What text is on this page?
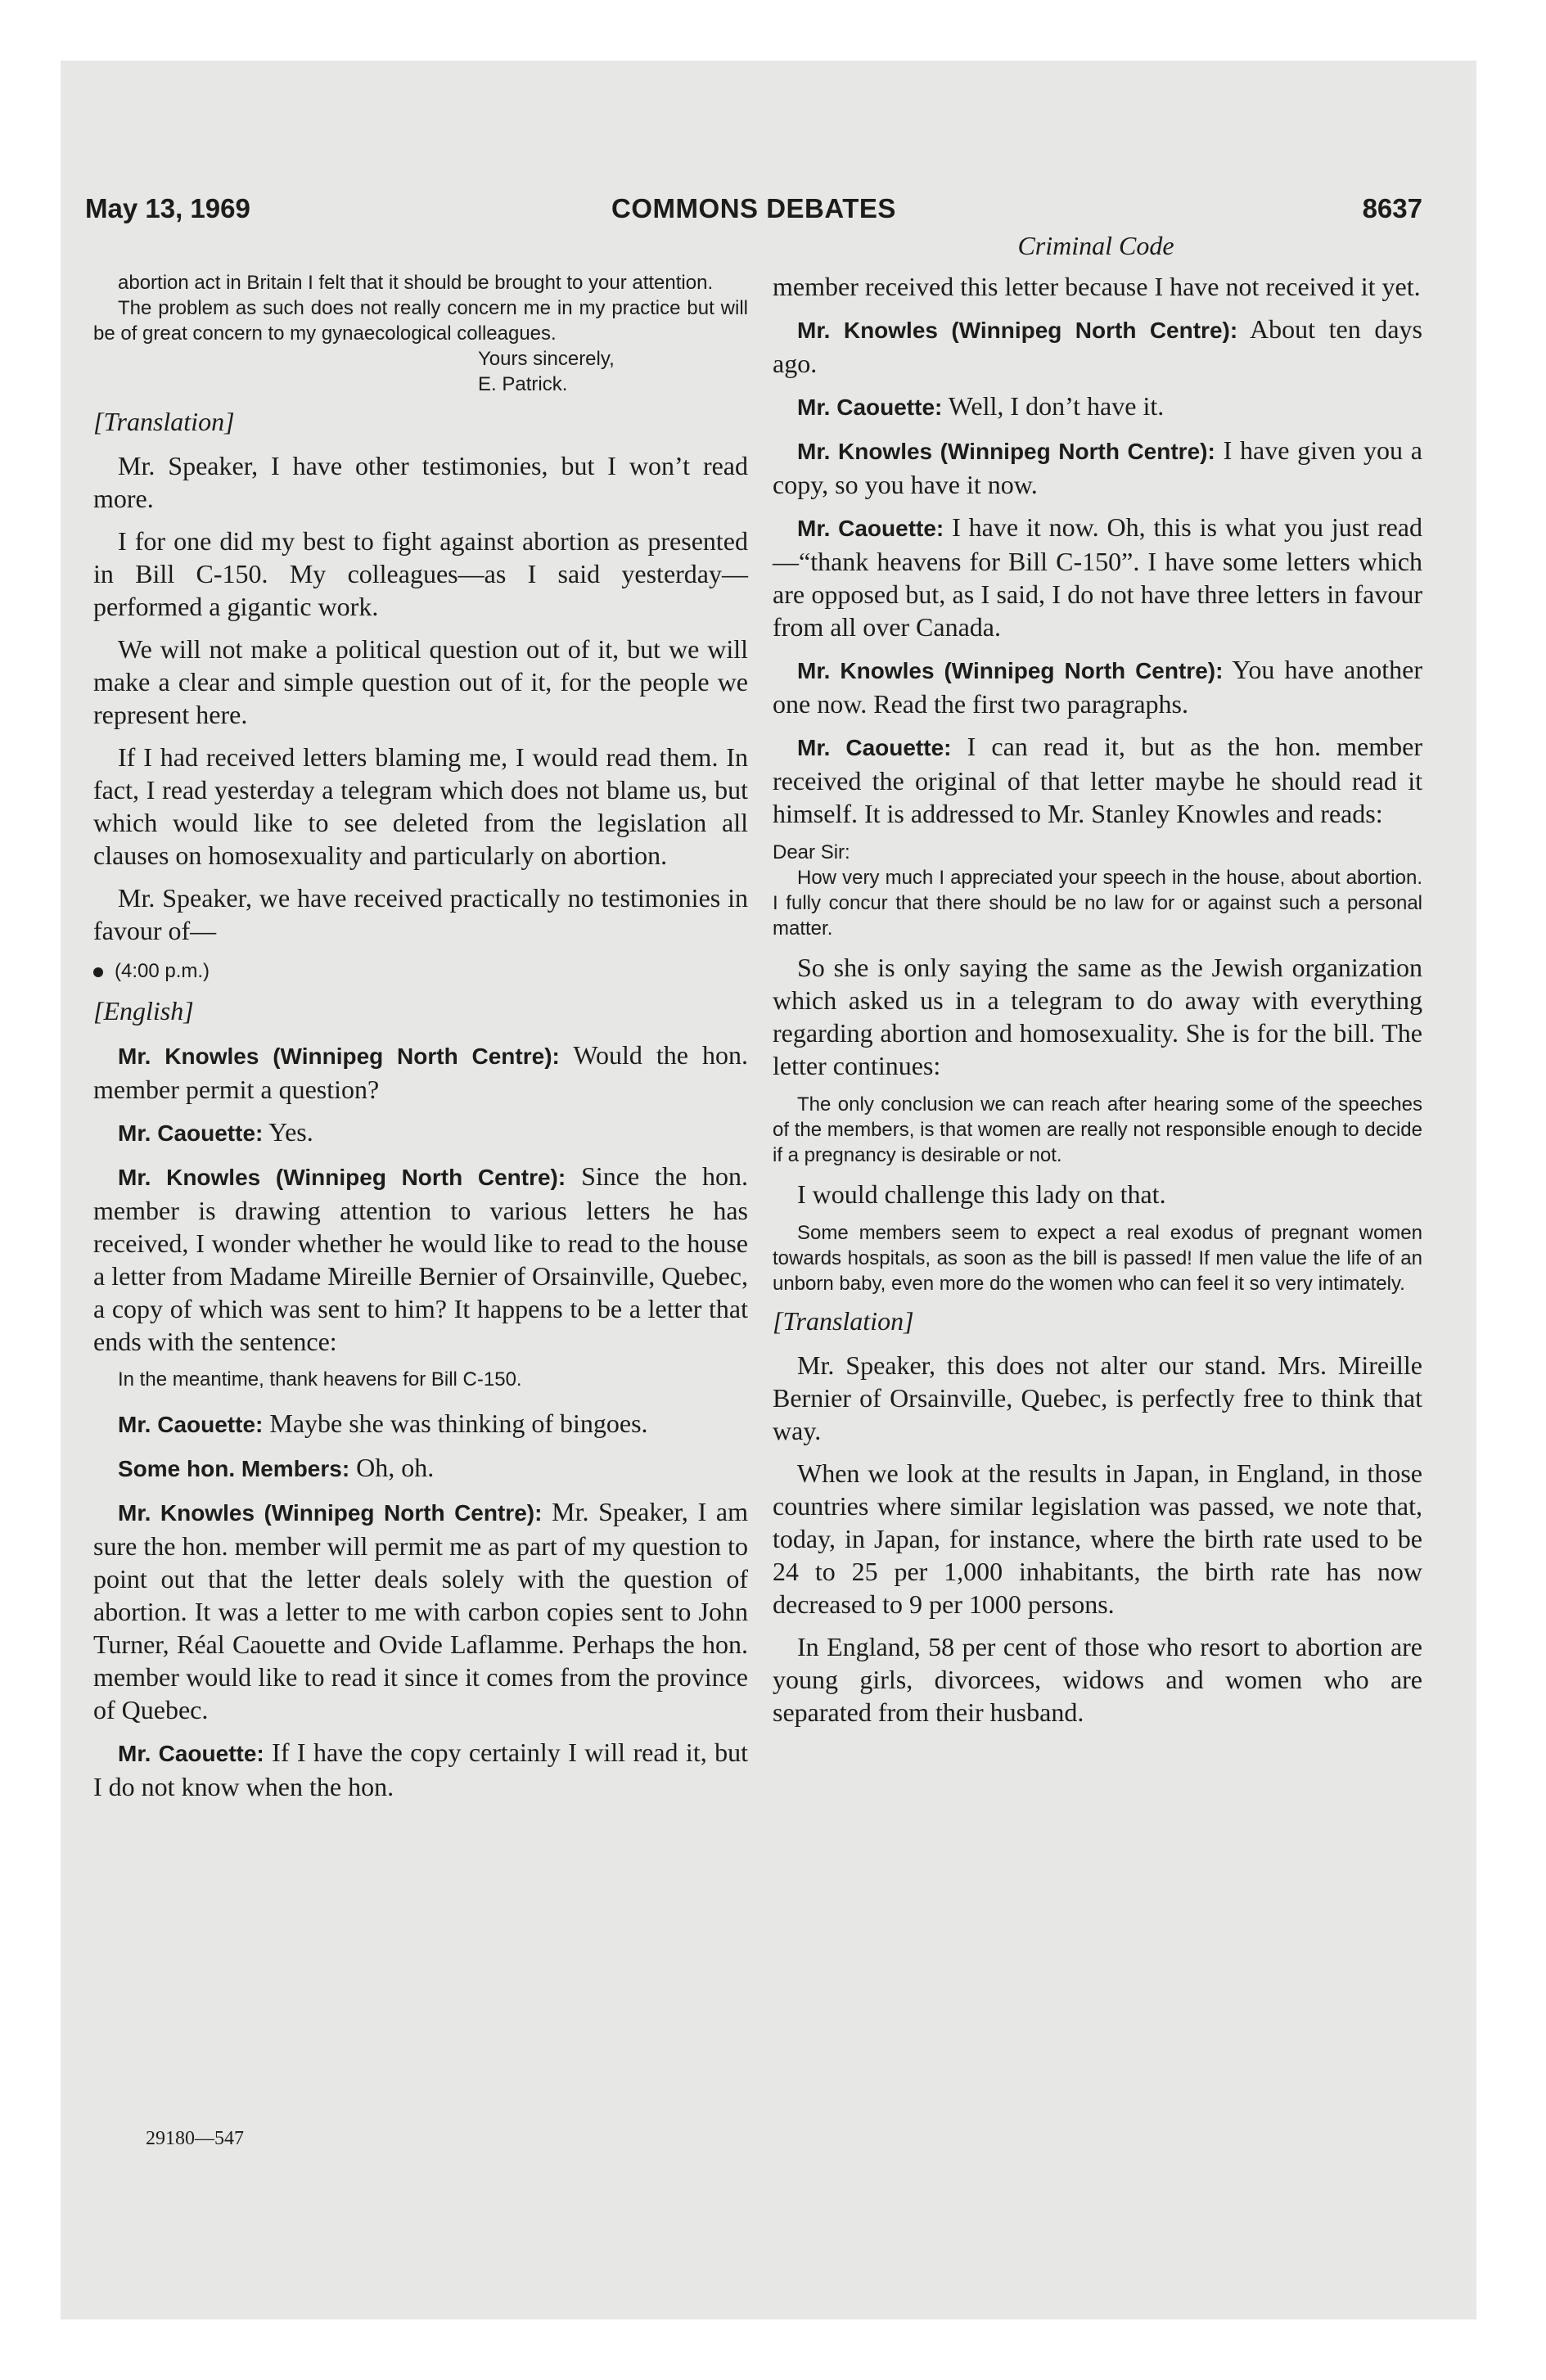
May 13, 1969	COMMONS DEBATES	8637
Criminal Code

abortion act in Britain I felt that it should be brought to your attention.

The problem as such does not really concern me in my practice but will be of great concern to my gynaecological colleagues.

Yours sincerely,

E. Patrick.

[Translation]

Mr. Speaker, I have other testimonies, but I won’t read more.

I for one did my best to fight against abortion as presented in Bill C-150. My colleagues—as I said yesterday—performed a gigantic work.

We will not make a political question out of it, but we will make a clear and simple question out of it, for the people we represent here.

If I had received letters blaming me, I would read them. In fact, I read yesterday a telegram which does not blame us, but which would like to see deleted from the legislation all clauses on homosexuality and particularly on abortion.

Mr. Speaker, we have received practically no testimonies in favour of—

(4:00 p.m.)

[English]

Mr. Knowles (Winnipeg North Centre): Would the hon. member permit a question?

Mr. Caouette: Yes.

Mr. Knowles (Winnipeg North Centre): Since the hon. member is drawing attention to various letters he has received, I wonder whether he would like to read to the house a letter from Madame Mireille Bernier of Orsainville, Quebec, a copy of which was sent to him? It happens to be a letter that ends with the sentence:

In the meantime, thank heavens for Bill C-150.

Mr. Caouette: Maybe she was thinking of bingoes.

Some hon. Members: Oh, oh.

Mr. Knowles (Winnipeg North Centre): Mr. Speaker, I am sure the hon. member will permit me as part of my question to point out that the letter deals solely with the question of abortion. It was a letter to me with carbon copies sent to John Turner, Réal Caouette and Ovide Laflamme. Perhaps the hon. member would like to read it since it comes from the province of Quebec.

Mr. Caouette: If I have the copy certainly I will read it, but I do not know when the hon.

29180—547

member received this letter because I have not received it yet.

Mr. Knowles (Winnipeg North Centre): About ten days ago.

Mr. Caouette: Well, I don’t have it.

Mr. Knowles (Winnipeg North Centre): I have given you a copy, so you have it now.

Mr. Caouette: I have it now. Oh, this is what you just read—“thank heavens for Bill C-150”. I have some letters which are opposed but, as I said, I do not have three letters in favour from all over Canada.

Mr. Knowles (Winnipeg North Centre): You have another one now. Read the first two paragraphs.

Mr. Caouette: I can read it, but as the hon. member received the original of that letter maybe he should read it himself. It is addressed to Mr. Stanley Knowles and reads:

Dear Sir:

How very much I appreciated your speech in the house, about abortion. I fully concur that there should be no law for or against such a personal matter.

So she is only saying the same as the Jewish organization which asked us in a telegram to do away with everything regarding abortion and homosexuality. She is for the bill. The letter continues:

The only conclusion we can reach after hearing some of the speeches of the members, is that women are really not responsible enough to decide if a pregnancy is desirable or not.

I would challenge this lady on that.

Some members seem to expect a real exodus of pregnant women towards hospitals, as soon as the bill is passed! If men value the life of an unborn baby, even more do the women who can feel it so very intimately.

[Translation]

Mr. Speaker, this does not alter our stand. Mrs. Mireille Bernier of Orsainville, Quebec, is perfectly free to think that way.

When we look at the results in Japan, in England, in those countries where similar legislation was passed, we note that, today, in Japan, for instance, where the birth rate used to be 24 to 25 per 1,000 inhabitants, the birth rate has now decreased to 9 per 1000 persons.

In England, 58 per cent of those who resort to abortion are young girls, divorcees, widows and women who are separated from their husband.
